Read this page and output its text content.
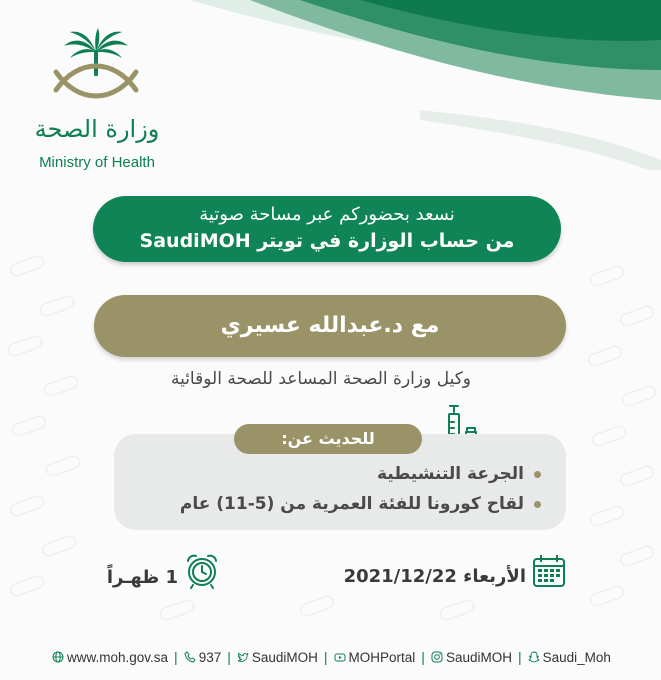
وزارة الصحة
Ministry of Health
نسعد بحضوركم عبر مساحة صوتية
من حساب الوزارة في تويتر SaudiMOH
مع د.عبدالله عسيري
وكيل وزارة الصحة المساعد للصحة الوقائية
للحديث عن:
الجرعة التنشيطية
لقاح كورونا للفئة العمرية من (5-11) عام
الأربعاء 2021/12/22
1 ظهـراً
www.moh.gov.sa | 937 | SaudiMOH | MOHPortal | SaudiMOH | Saudi_Moh
